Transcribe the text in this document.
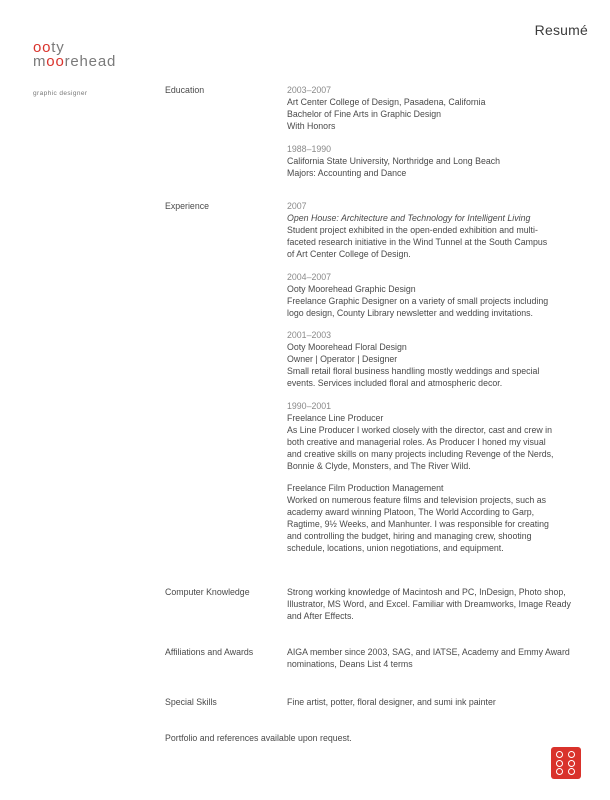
Resumé
ooty
moorehead
graphic designer	Education	2003–2007
Art Center College of Design, Pasadena, California
Bachelor of Fine Arts in Graphic Design
With Honors
1988–1990
California State University, Northridge and Long Beach
Majors: Accounting and Dance
Experience	2007
Open House: Architecture and Technology for Intelligent Living
Student project exhibited in the open-ended exhibition and multi-
faceted research initiative in the Wind Tunnel at the South Campus
of Art Center College of Design.
2004–2007
Ooty Moorehead Graphic Design
Freelance Graphic Designer on a variety of small projects including
logo design, County Library newsletter and wedding invitations.
2001–2003
Ooty Moorehead Floral Design
Owner | Operator | Designer
Small retail floral business handling mostly weddings and special
events. Services included floral and atmospheric decor.
1990–2001
Freelance Line Producer
As Line Producer I worked closely with the director, cast and crew in
both creative and managerial roles. As Producer I honed my visual
and creative skills on many projects including Revenge of the Nerds,
Bonnie & Clyde, Monsters, and The River Wild.
Freelance Film Production Management
Worked on numerous feature films and television projects, such as
academy award winning Platoon, The World According to Garp,
Ragtime, 9½ Weeks, and Manhunter. I was responsible for creating
and controlling the budget, hiring and managing crew, shooting
schedule, locations, union negotiations, and equipment.
Computer Knowledge	Strong working knowledge of Macintosh and PC, InDesign, Photo shop, Illustrator, MS Word, and Excel. Familiar with Dreamworks, Image Ready and After Effects.

Affiliations and Awards	AIGA member since 2003, SAG, and IATSE, Academy and Emmy Award nominations, Deans List 4 terms

Special Skills	Fine artist, potter, floral designer, and sumi ink painter

Portfolio and references available upon request.
